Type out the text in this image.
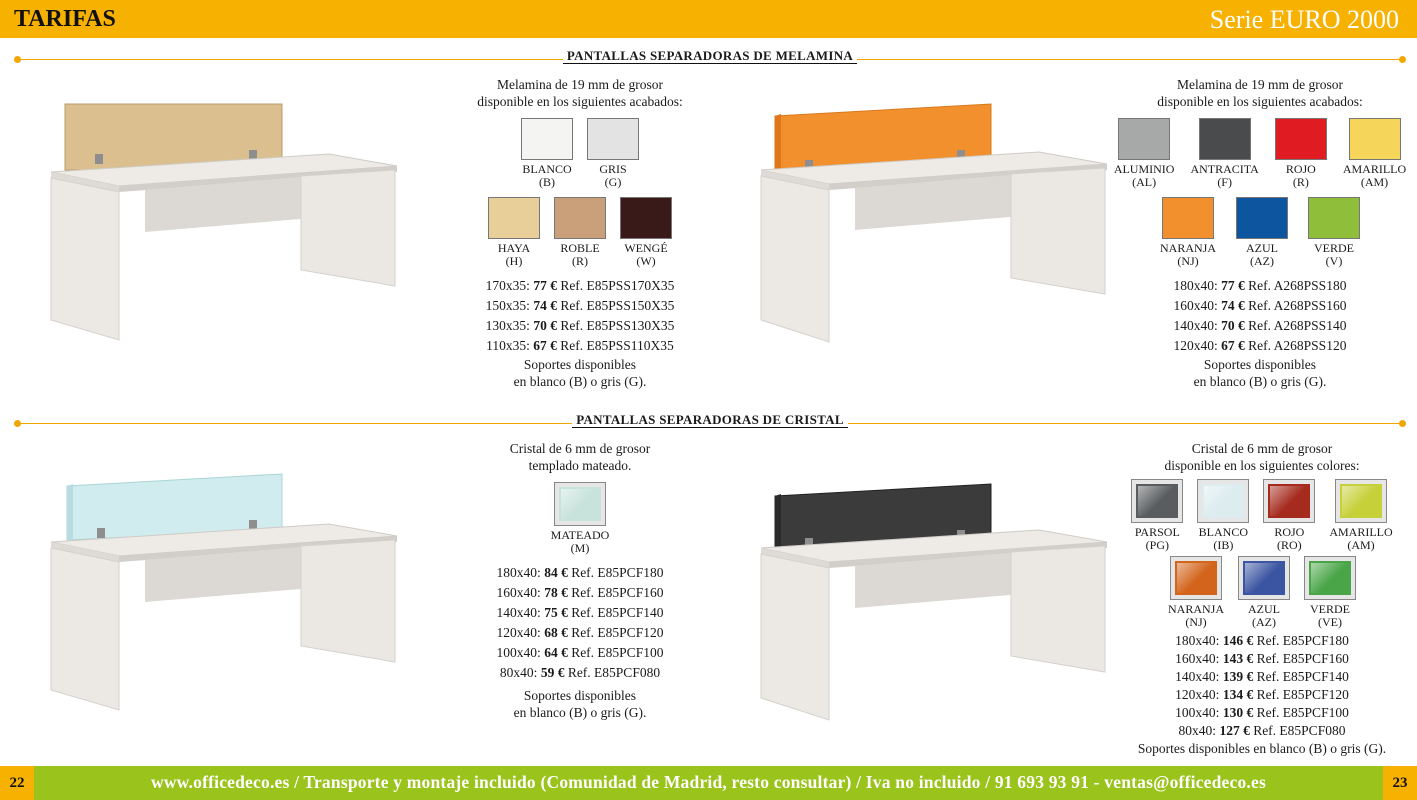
TARIFAS	Serie EURO 2000
PANTALLAS SEPARADORAS DE MELAMINA
Melamina de 19 mm de grosor
disponible en los siguientes acabados:
BLANCO
(B)
GRIS
(G)
HAYA
(H)
ROBLE
(R)
WENGÉ
(W)
170x35: 77 € Ref. E85PSS170X35
150x35: 74 € Ref. E85PSS150X35
130x35: 70 € Ref. E85PSS130X35
110x35: 67 € Ref. E85PSS110X35
Soportes disponibles
en blanco (B) o gris (G).
Melamina de 19 mm de grosor
disponible en los siguientes acabados:
ALUMINIO
(AL)
ANTRACITA
(F)
ROJO
(R)
AMARILLO
(AM)
NARANJA
(NJ)
AZUL
(AZ)
VERDE
(V)
180x40: 77 € Ref. A268PSS180
160x40: 74 € Ref. A268PSS160
140x40: 70 € Ref. A268PSS140
120x40: 67 € Ref. A268PSS120
Soportes disponibles
en blanco (B) o gris (G).
PANTALLAS SEPARADORAS DE CRISTAL
Cristal de 6 mm de grosor
templado mateado.
MATEADO
(M)
180x40: 84 € Ref. E85PCF180
160x40: 78 € Ref. E85PCF160
140x40: 75 € Ref. E85PCF140
120x40: 68 € Ref. E85PCF120
100x40: 64 € Ref. E85PCF100
80x40: 59 € Ref. E85PCF080
Soportes disponibles
en blanco (B) o gris (G).
Cristal de 6 mm de grosor
disponible en los siguientes colores:
PARSOL
(PG)
BLANCO
(IB)
ROJO
(RO)
AMARILLO
(AM)
NARANJA
(NJ)
AZUL
(AZ)
VERDE
(VE)
180x40: 146 € Ref. E85PCF180
160x40: 143 € Ref. E85PCF160
140x40: 139 € Ref. E85PCF140
120x40: 134 € Ref. E85PCF120
100x40: 130 € Ref. E85PCF100
80x40: 127 € Ref. E85PCF080
Soportes disponibles en blanco (B) o gris (G).
22	www.officedeco.es / Transporte y montaje incluido (Comunidad de Madrid, resto consultar) / Iva no incluido / 91 693 93 91 - ventas@officedeco.es	23
